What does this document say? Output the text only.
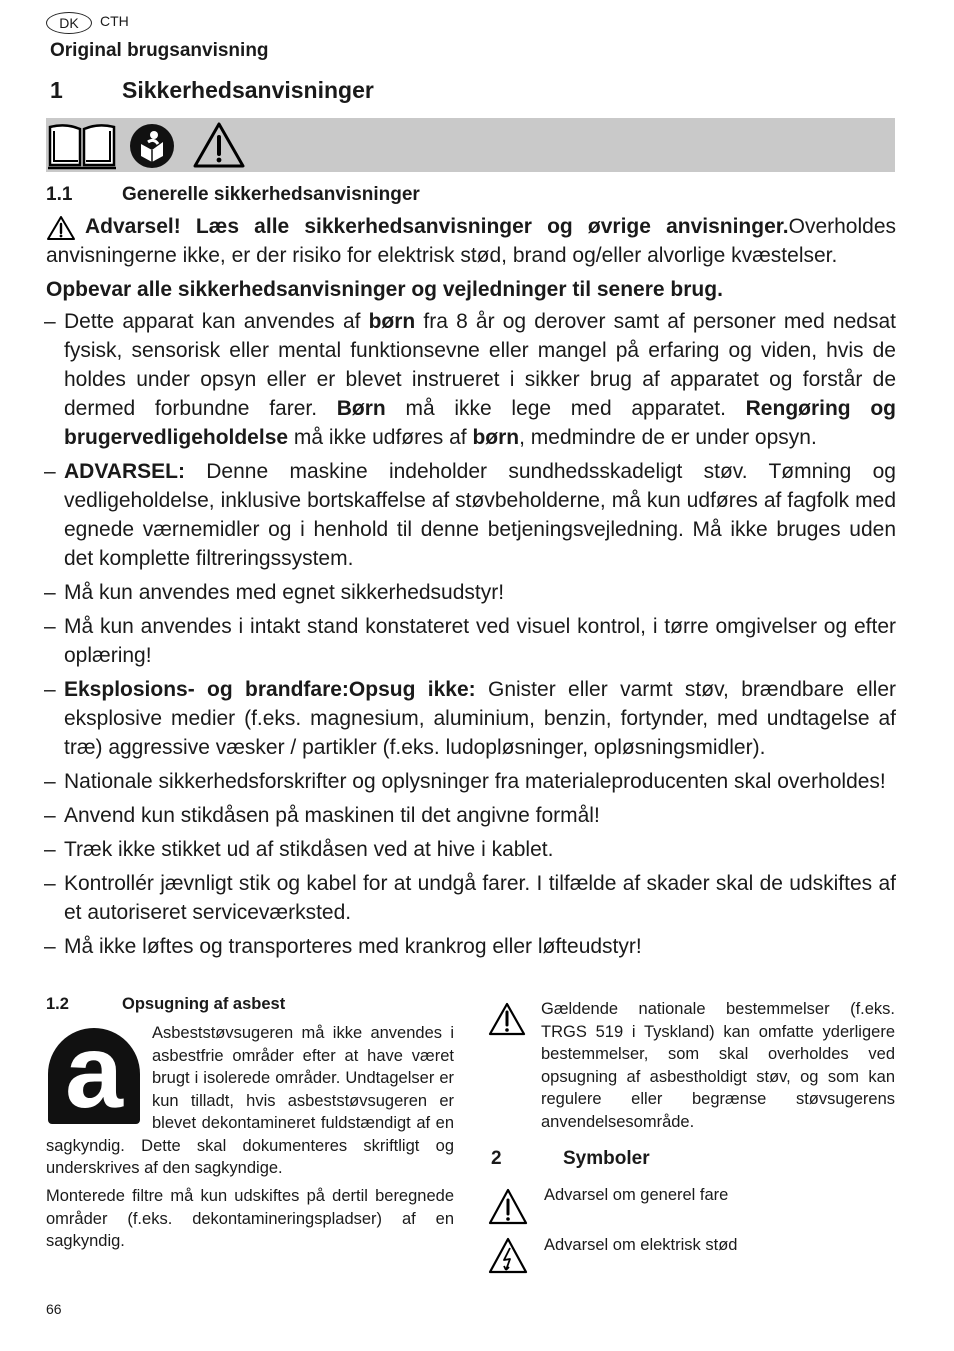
DK	CTH
Original brugsanvisning
1	Sikkerhedsanvisninger
1.1	Generelle sikkerhedsanvisninger
Advarsel! Læs alle sikkerhedsanvisninger og øvrige anvisninger.Overholdes anvisningerne ikke, er der risiko for elektrisk stød, brand og/eller alvorlige kvæstelser.
Opbevar alle sikkerhedsanvisninger og vejledninger til senere brug.
– Dette apparat kan anvendes af børn fra 8 år og derover samt af personer med nedsat fysisk, sensorisk eller mental funktionsevne eller mangel på erfaring og viden, hvis de holdes under opsyn eller er blevet instrueret i sikker brug af apparatet og forstår de dermed forbundne farer. Børn må ikke lege med apparatet. Rengøring og brugervedligeholdelse må ikke udføres af børn, medmindre de er under opsyn.
– ADVARSEL: Denne maskine indeholder sundhedsskadeligt støv. Tømning og vedligeholdelse, inklusive bortskaffelse af støvbeholderne, må kun udføres af fagfolk med egnede værnemidler og i henhold til denne betjeningsvejledning. Må ikke bruges uden det komplette filtreringssystem.
– Må kun anvendes med egnet sikkerhedsudstyr!
– Må kun anvendes i intakt stand konstateret ved visuel kontrol, i tørre omgivelser og efter oplæring!
– Eksplosions- og brandfare:Opsug ikke: Gnister eller varmt støv, brændbare eller eksplosive medier (f.eks. magnesium, aluminium, benzin, fortynder, med undtagelse af træ) aggressive væsker / partikler (f.eks. ludopløsninger, opløsningsmidler).
– Nationale sikkerhedsforskrifter og oplysninger fra materialeproducenten skal overholdes!
– Anvend kun stikdåsen på maskinen til det angivne formål!
– Træk ikke stikket ud af stikdåsen ved at hive i kablet.
– Kontrollér jævnligt stik og kabel for at undgå farer. I tilfælde af skader skal de udskiftes af et autoriseret serviceværksted.
– Må ikke løftes og transporteres med krankrog eller løfteudstyr!
1.2	Opsugning af asbest
a	Asbeststøvsugeren må ikke anvendes i asbestfrie områder efter at have været brugt i isolerede områder. Undtagelser er kun tilladt, hvis asbeststøvsugeren er blevet dekontamineret fuldstændigt af en sagkyndig. Dette skal dokumenteres skriftligt og underskrives af den sagkyndige.
Monterede filtre må kun udskiftes på dertil beregnede områder (f.eks. dekontamineringspladser) af en sagkyndig.
Gældende nationale bestemmelser (f.eks. TRGS 519 i Tyskland) kan omfatte yderligere bestemmelser, som skal overholdes ved opsugning af asbestholdigt støv, og som kan regulere eller begrænse støvsugerens anvendelsesområde.
2	Symboler
Advarsel om generel fare
Advarsel om elektrisk stød
66
